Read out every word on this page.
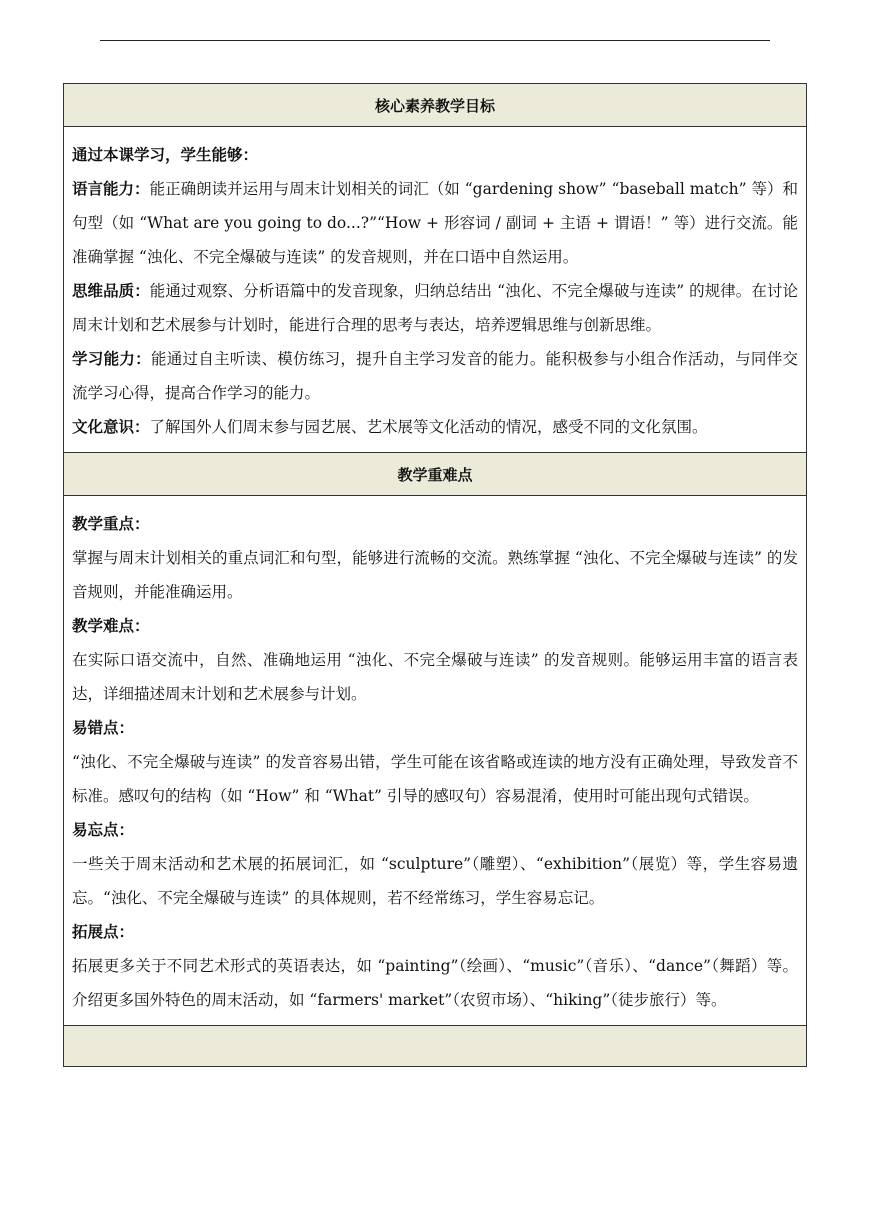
核心素养教学目标

通过本课学习，学生能够：

语言能力：能正确朗读并运用与周末计划相关的词汇（如 “gardening show” “baseball match” 等）和句型（如 “What are you going to do...?”“How + 形容词 / 副词 + 主语 + 谓语！” 等）进行交流。能准确掌握 “浊化、不完全爆破与连读” 的发音规则，并在口语中自然运用。

思维品质：能通过观察、分析语篇中的发音现象，归纳总结出 “浊化、不完全爆破与连读” 的规律。在讨论周末计划和艺术展参与计划时，能进行合理的思考与表达，培养逻辑思维与创新思维。

学习能力：能通过自主听读、模仿练习，提升自主学习发音的能力。能积极参与小组合作活动，与同伴交流学习心得，提高合作学习的能力。

文化意识：了解国外人们周末参与园艺展、艺术展等文化活动的情况，感受不同的文化氛围。

教学重难点

教学重点：

掌握与周末计划相关的重点词汇和句型，能够进行流畅的交流。熟练掌握 “浊化、不完全爆破与连读” 的发音规则，并能准确运用。

教学难点：

在实际口语交流中，自然、准确地运用 “浊化、不完全爆破与连读” 的发音规则。能够运用丰富的语言表达，详细描述周末计划和艺术展参与计划。

易错点：

“浊化、不完全爆破与连读” 的发音容易出错，学生可能在该省略或连读的地方没有正确处理，导致发音不标准。感叹句的结构（如 “How” 和 “What” 引导的感叹句）容易混淆，使用时可能出现句式错误。

易忘点：

一些关于周末活动和艺术展的拓展词汇，如 “sculpture”（雕塑）、“exhibition”（展览）等，学生容易遗忘。“浊化、不完全爆破与连读” 的具体规则，若不经常练习，学生容易忘记。

拓展点：

拓展更多关于不同艺术形式的英语表达，如 “painting”（绘画）、“music”（音乐）、“dance”（舞蹈）等。介绍更多国外特色的周末活动，如 “farmers' market”（农贸市场）、“hiking”（徒步旅行）等。
